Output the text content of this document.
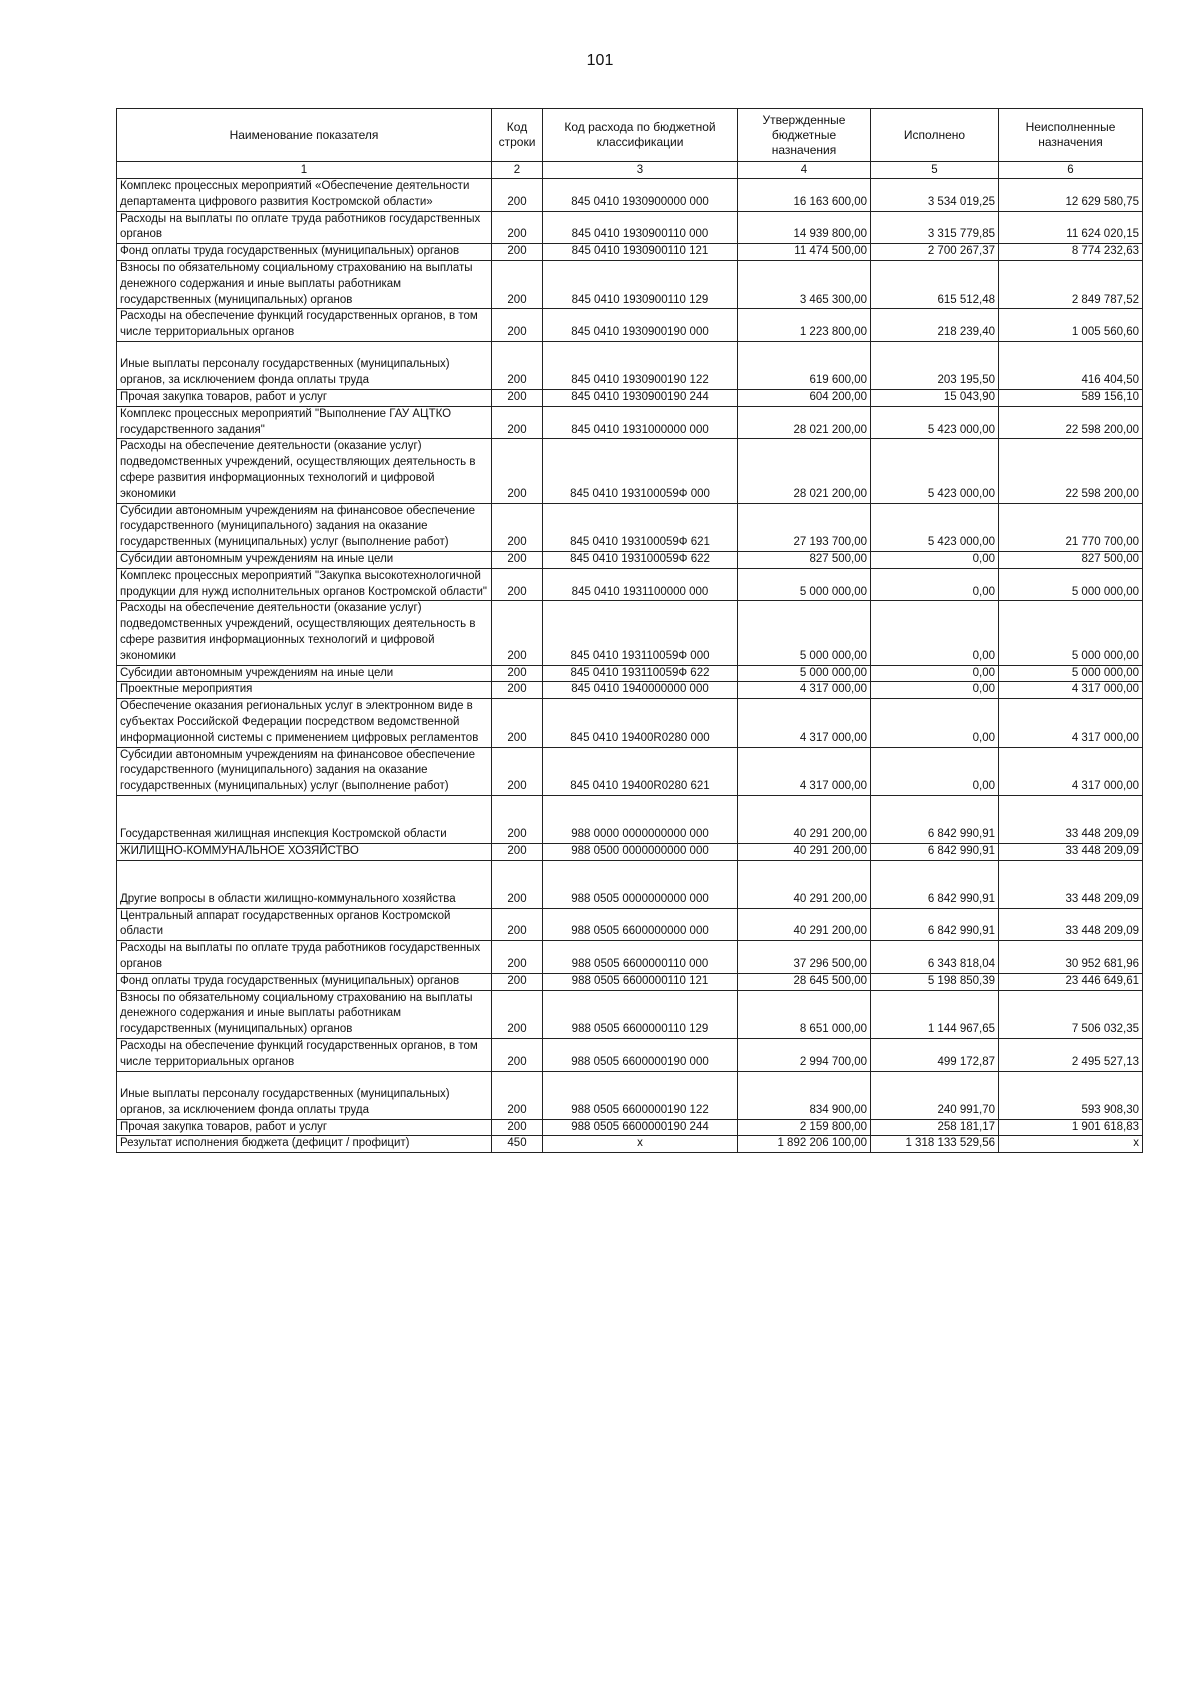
101
Наименование показателя	Код строки	Код расхода по бюджетной классификации	Утвержденные бюджетные назначения	Исполнено	Неисполненные назначения
1	2	3	4	5	6
Комплекс процессных мероприятий «Обеспечение деятельности департамента цифрового развития Костромской области»	200	845 0410 1930900000 000	16 163 600,00	3 534 019,25	12 629 580,75
Расходы на выплаты по оплате труда работников государственных органов	200	845 0410 1930900110 000	14 939 800,00	3 315 779,85	11 624 020,15
Фонд оплаты труда государственных (муниципальных) органов	200	845 0410 1930900110 121	11 474 500,00	2 700 267,37	8 774 232,63
Взносы по обязательному социальному страхованию на выплаты денежного содержания и иные выплаты работникам государственных (муниципальных) органов	200	845 0410 1930900110 129	3 465 300,00	615 512,48	2 849 787,52
Расходы на обеспечение функций государственных органов, в том числе территориальных органов	200	845 0410 1930900190 000	1 223 800,00	218 239,40	1 005 560,60
Иные выплаты персоналу государственных (муниципальных) органов, за исключением фонда оплаты труда	200	845 0410 1930900190 122	619 600,00	203 195,50	416 404,50
Прочая закупка товаров, работ и услуг	200	845 0410 1930900190 244	604 200,00	15 043,90	589 156,10
Комплекс процессных мероприятий "Выполнение ГАУ АЦТКО государственного задания"	200	845 0410 1931000000 000	28 021 200,00	5 423 000,00	22 598 200,00
Расходы на обеспечение деятельности (оказание услуг) подведомственных учреждений, осуществляющих деятельность в сфере развития информационных технологий и цифровой экономики	200	845 0410 193100059Ф 000	28 021 200,00	5 423 000,00	22 598 200,00
Субсидии автономным учреждениям на финансовое обеспечение государственного (муниципального) задания на оказание государственных (муниципальных) услуг (выполнение работ)	200	845 0410 193100059Ф 621	27 193 700,00	5 423 000,00	21 770 700,00
Субсидии автономным учреждениям на иные цели	200	845 0410 193100059Ф 622	827 500,00	0,00	827 500,00
Комплекс процессных мероприятий "Закупка высокотехнологичной продукции для нужд исполнительных органов Костромской области"	200	845 0410 1931100000 000	5 000 000,00	0,00	5 000 000,00
Расходы на обеспечение деятельности (оказание услуг) подведомственных учреждений, осуществляющих деятельность в сфере развития информационных технологий и цифровой экономики	200	845 0410 193110059Ф 000	5 000 000,00	0,00	5 000 000,00
Субсидии автономным учреждениям на иные цели	200	845 0410 193110059Ф 622	5 000 000,00	0,00	5 000 000,00
Проектные мероприятия	200	845 0410 1940000000 000	4 317 000,00	0,00	4 317 000,00
Обеспечение оказания региональных услуг в электронном виде в субъектах Российской Федерации посредством ведомственной информационной системы с применением цифровых регламентов	200	845 0410 19400R0280 000	4 317 000,00	0,00	4 317 000,00
Субсидии автономным учреждениям на финансовое обеспечение государственного (муниципального) задания на оказание государственных (муниципальных) услуг (выполнение работ)	200	845 0410 19400R0280 621	4 317 000,00	0,00	4 317 000,00
Государственная жилищная инспекция Костромской области	200	988 0000 0000000000 000	40 291 200,00	6 842 990,91	33 448 209,09
ЖИЛИЩНО-КОММУНАЛЬНОЕ ХОЗЯЙСТВО	200	988 0500 0000000000 000	40 291 200,00	6 842 990,91	33 448 209,09
Другие вопросы в области жилищно-коммунального хозяйства	200	988 0505 0000000000 000	40 291 200,00	6 842 990,91	33 448 209,09
Центральный аппарат государственных органов Костромской области	200	988 0505 6600000000 000	40 291 200,00	6 842 990,91	33 448 209,09
Расходы на выплаты по оплате труда работников государственных органов	200	988 0505 6600000110 000	37 296 500,00	6 343 818,04	30 952 681,96
Фонд оплаты труда государственных (муниципальных) органов	200	988 0505 6600000110 121	28 645 500,00	5 198 850,39	23 446 649,61
Взносы по обязательному социальному страхованию на выплаты денежного содержания и иные выплаты работникам государственных (муниципальных) органов	200	988 0505 6600000110 129	8 651 000,00	1 144 967,65	7 506 032,35
Расходы на обеспечение функций государственных органов, в том числе территориальных органов	200	988 0505 6600000190 000	2 994 700,00	499 172,87	2 495 527,13
Иные выплаты персоналу государственных (муниципальных) органов, за исключением фонда оплаты труда	200	988 0505 6600000190 122	834 900,00	240 991,70	593 908,30
Прочая закупка товаров, работ и услуг	200	988 0505 6600000190 244	2 159 800,00	258 181,17	1 901 618,83
Результат исполнения бюджета (дефицит / профицит)	450	x	1 892 206 100,00	1 318 133 529,56	x
